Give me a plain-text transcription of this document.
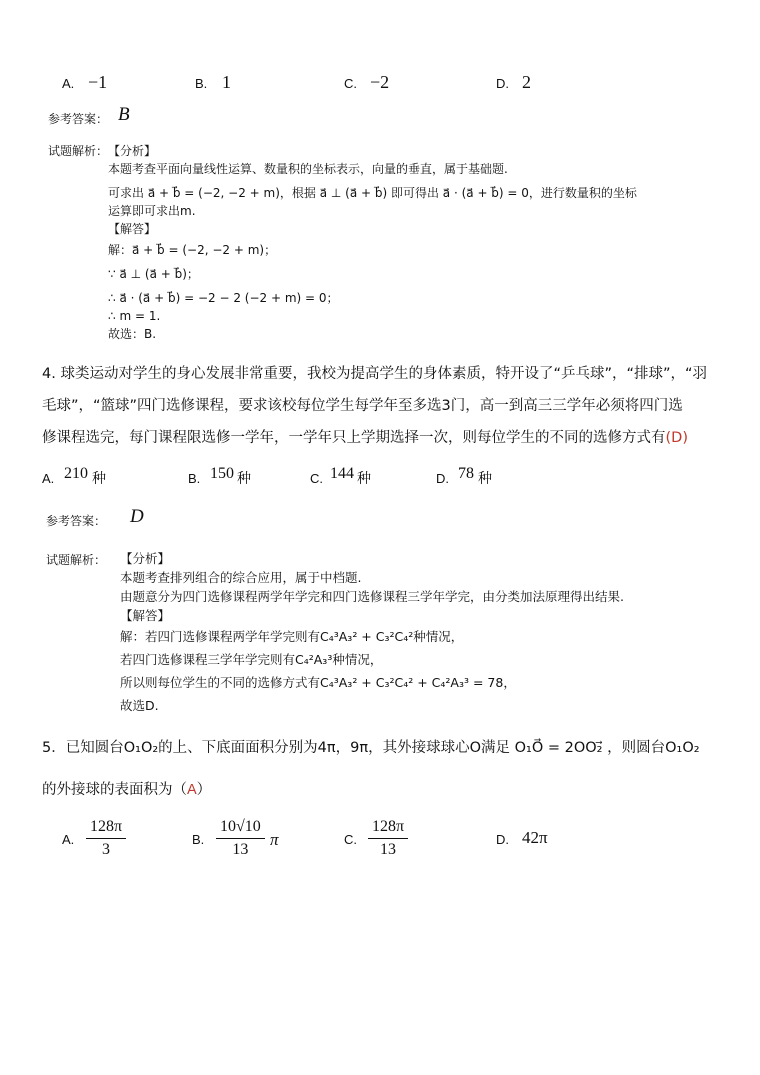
A. −1	B. 1	C. −2	D. 2
参考答案： B
试题解析： 【分析】
本题考查平面向量线性运算、数量积的坐标表示，向量的垂直，属于基础题.
可求出 a⃗ + b⃗ = (−2, −2 + m)，根据 a⃗ ⊥ (a⃗ + b⃗) 即可得出 a⃗ · (a⃗ + b⃗) = 0，进行数量积的坐标
运算即可求出m.
【解答】
解：a⃗ + b⃗ = (−2, −2 + m)；
∵ a⃗ ⊥ (a⃗ + b⃗)；
∴ a⃗ · (a⃗ + b⃗) = −2 − 2 (−2 + m) = 0；
∴ m = 1.
故选：B.
4. 球类运动对学生的身心发展非常重要，我校为提高学生的身体素质，特开设了“乒乓球”，“排球”，“羽
毛球”，“篮球”四门选修课程，要求该校每位学生每学年至多选3门，高一到高三三学年必须将四门选
修课程选完，每门课程限选修一学年，一学年只上学期选择一次，则每位学生的不同的选修方式有(D)
A. 210 种	B. 150 种	C. 144 种	D. 78 种
参考答案： D
试题解析： 【分析】
本题考查排列组合的综合应用，属于中档题.
由题意分为四门选修课程两学年学完和四门选修课程三学年学完，由分类加法原理得出结果.
【解答】
解：若四门选修课程两学年学完则有C₄³A₃² + C₃²C₄²种情况，
若四门选修课程三学年学完则有C₄²A₃³种情况，
所以则每位学生的不同的选修方式有C₄³A₃² + C₃²C₄² + C₄²A₃³ = 78，
故选D.
5．已知圆台O₁O₂的上、下底面面积分别为4π，9π，其外接球球心O满足 O₁O⃗ = 2OO₂⃗ ，则圆台O₁O₂
的外接球的表面积为（A）
A. $\frac{128\pi}{3}$	B. $\frac{10√10}{13}$ π	C. $\frac{128\pi}{13}$	D. 42π
